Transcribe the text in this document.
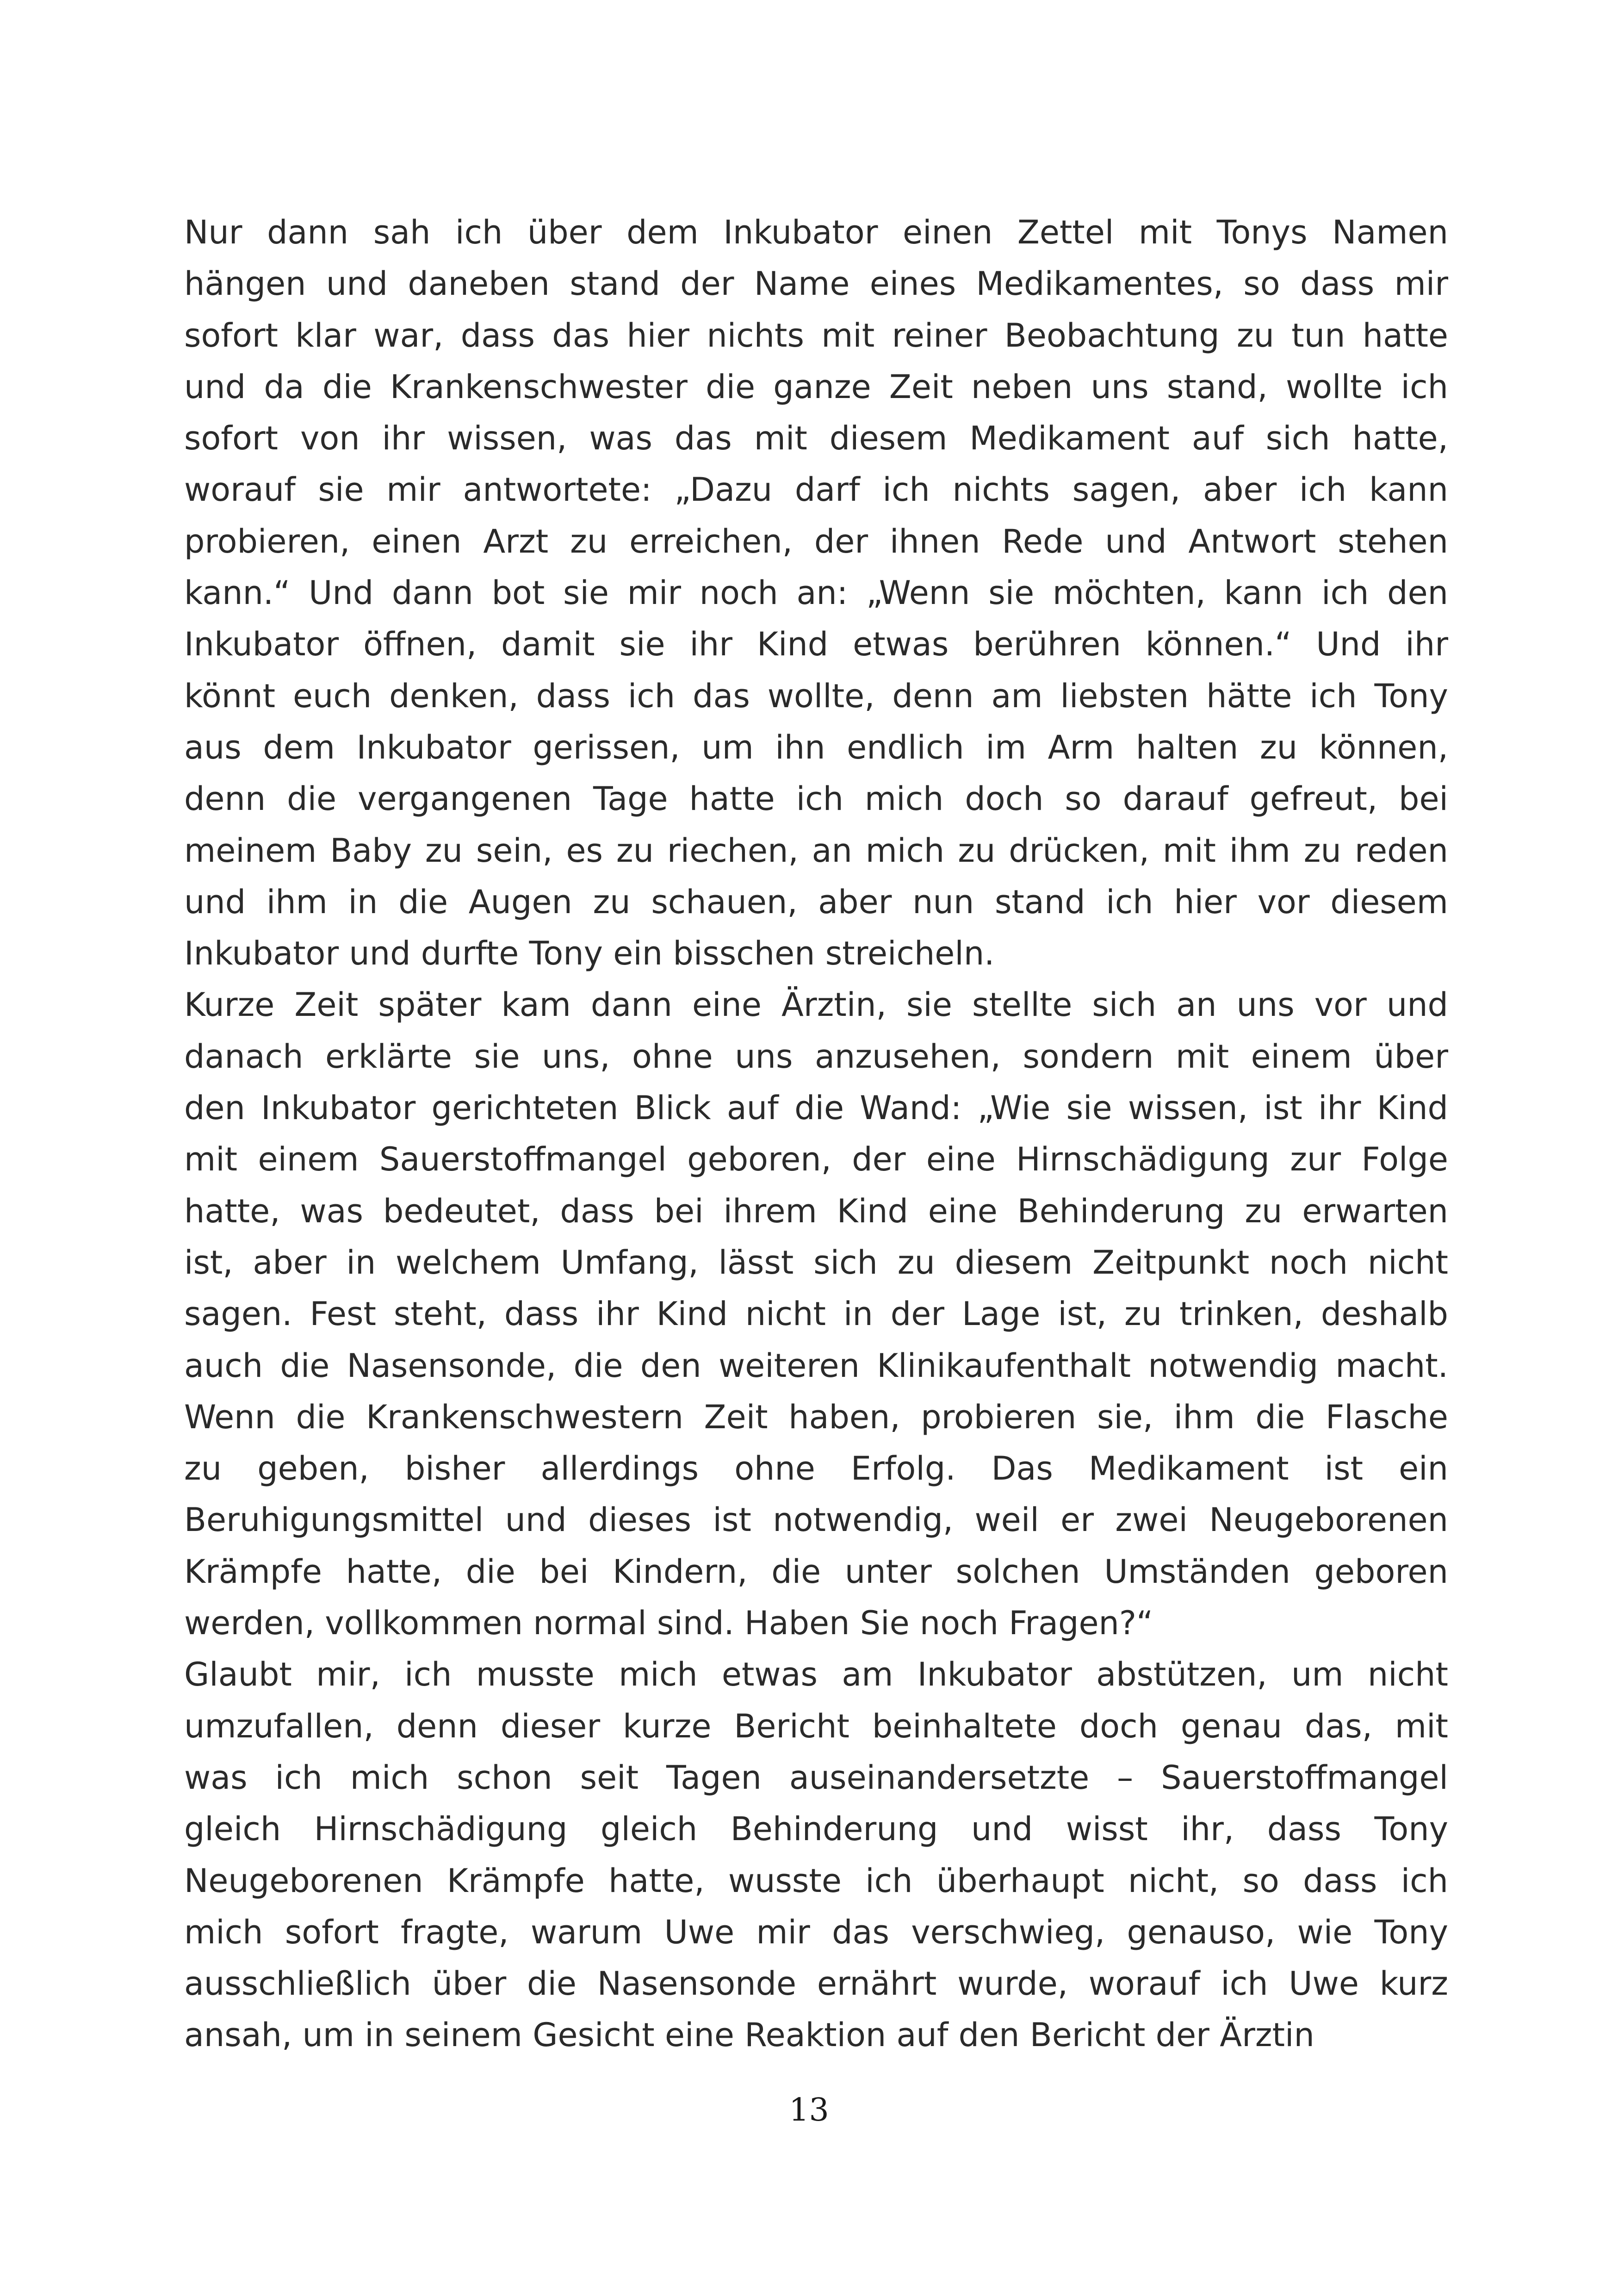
Nur dann sah ich über dem Inkubator einen Zettel mit Tonys Namen
hängen und daneben stand der Name eines Medikamentes, so dass mir
sofort klar war, dass das hier nichts mit reiner Beobachtung zu tun hatte
und da die Krankenschwester die ganze Zeit neben uns stand, wollte ich
sofort von ihr wissen, was das mit diesem Medikament auf sich hatte,
worauf sie mir antwortete: „Dazu darf ich nichts sagen, aber ich kann
probieren, einen Arzt zu erreichen, der ihnen Rede und Antwort stehen
kann.“ Und dann bot sie mir noch an: „Wenn sie möchten, kann ich den
Inkubator öffnen, damit sie ihr Kind etwas berühren können.“ Und ihr
könnt euch denken, dass ich das wollte, denn am liebsten hätte ich Tony
aus dem Inkubator gerissen, um ihn endlich im Arm halten zu können,
denn die vergangenen Tage hatte ich mich doch so darauf gefreut, bei
meinem Baby zu sein, es zu riechen, an mich zu drücken, mit ihm zu reden
und ihm in die Augen zu schauen, aber nun stand ich hier vor diesem
Inkubator und durfte Tony ein bisschen streicheln.
Kurze Zeit später kam dann eine Ärztin, sie stellte sich an uns vor und
danach erklärte sie uns, ohne uns anzusehen, sondern mit einem über
den Inkubator gerichteten Blick auf die Wand: „Wie sie wissen, ist ihr Kind
mit einem Sauerstoffmangel geboren, der eine Hirnschädigung zur Folge
hatte, was bedeutet, dass bei ihrem Kind eine Behinderung zu erwarten
ist, aber in welchem Umfang, lässt sich zu diesem Zeitpunkt noch nicht
sagen. Fest steht, dass ihr Kind nicht in der Lage ist, zu trinken, deshalb
auch die Nasensonde, die den weiteren Klinikaufenthalt notwendig macht.
Wenn die Krankenschwestern Zeit haben, probieren sie, ihm die Flasche
zu geben, bisher allerdings ohne Erfolg. Das Medikament ist ein
Beruhigungsmittel und dieses ist notwendig, weil er zwei Neugeborenen
Krämpfe hatte, die bei Kindern, die unter solchen Umständen geboren
werden, vollkommen normal sind. Haben Sie noch Fragen?“
Glaubt mir, ich musste mich etwas am Inkubator abstützen, um nicht
umzufallen, denn dieser kurze Bericht beinhaltete doch genau das, mit
was ich mich schon seit Tagen auseinandersetzte – Sauerstoffmangel
gleich Hirnschädigung gleich Behinderung und wisst ihr, dass Tony
Neugeborenen Krämpfe hatte, wusste ich überhaupt nicht, so dass ich
mich sofort fragte, warum Uwe mir das verschwieg, genauso, wie Tony
ausschließlich über die Nasensonde ernährt wurde, worauf ich Uwe kurz
ansah, um in seinem Gesicht eine Reaktion auf den Bericht der Ärztin
13
